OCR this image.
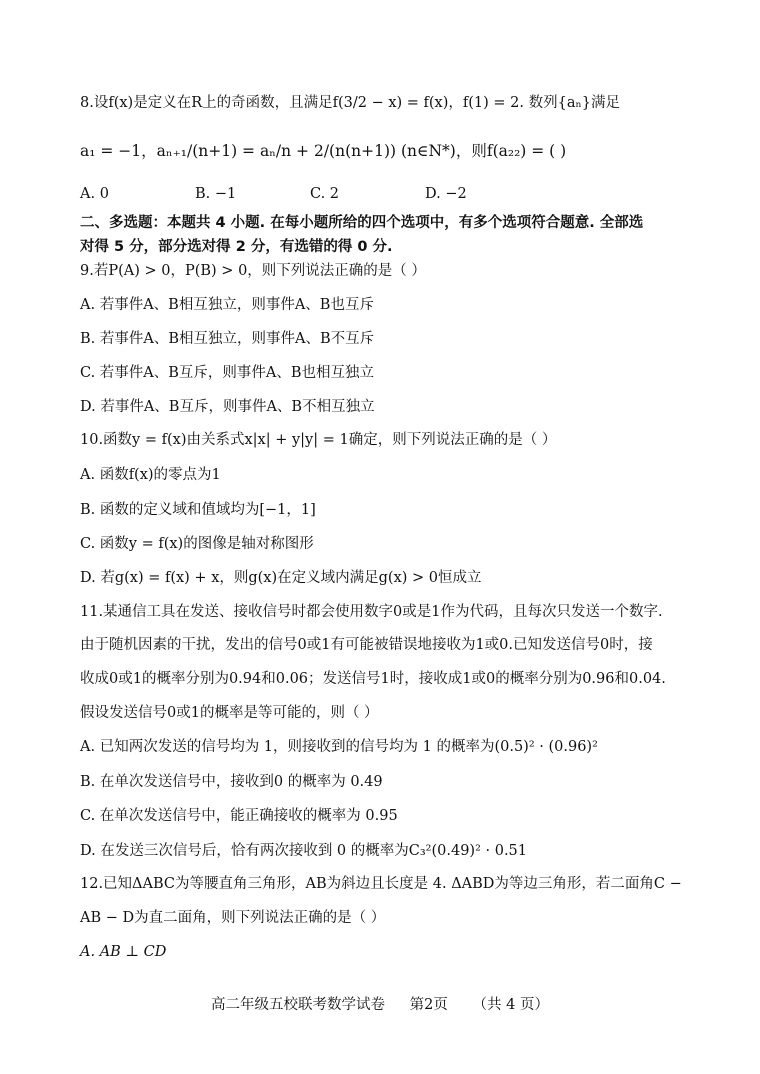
8.设f(x)是定义在R上的奇函数，且满足f(3/2 − x) = f(x)，f(1) = 2. 数列{aₙ}满足
a₁ = −1，aₙ₊₁/(n+1) = aₙ/n + 2/(n(n+1)) (n∈N*)，则f(a₂₂) = ( )
A. 0	B. −1	C. 2	D. −2
二、多选题：本题共 4 小题. 在每小题所给的四个选项中，有多个选项符合题意. 全部选
对得 5 分，部分选对得 2 分，有选错的得 0 分.
9.若P(A) > 0，P(B) > 0，则下列说法正确的是（ ）
A. 若事件A、B相互独立，则事件A、B也互斥
B. 若事件A、B相互独立，则事件A、B不互斥
C. 若事件A、B互斥，则事件A、B也相互独立
D. 若事件A、B互斥，则事件A、B不相互独立
10.函数y = f(x)由关系式x|x| + y|y| = 1确定，则下列说法正确的是（ ）
A. 函数f(x)的零点为1
B. 函数的定义域和值域均为[−1，1]
C. 函数y = f(x)的图像是轴对称图形
D. 若g(x) = f(x) + x，则g(x)在定义域内满足g(x) > 0恒成立
11.某通信工具在发送、接收信号时都会使用数字0或是1作为代码，且每次只发送一个数字.
由于随机因素的干扰，发出的信号0或1有可能被错误地接收为1或0.已知发送信号0时，接
收成0或1的概率分别为0.94和0.06；发送信号1时，接收成1或0的概率分别为0.96和0.04.
假设发送信号0或1的概率是等可能的，则（ ）
A. 已知两次发送的信号均为 1，则接收到的信号均为 1 的概率为(0.5)² · (0.96)²
B. 在单次发送信号中，接收到0 的概率为 0.49
C. 在单次发送信号中，能正确接收的概率为 0.95
D. 在发送三次信号后，恰有两次接收到 0 的概率为C₃²(0.49)² · 0.51
12.已知ΔABC为等腰直角三角形，AB为斜边且长度是 4. ΔABD为等边三角形，若二面角C −
AB − D为直二面角，则下列说法正确的是（ ）
A. AB ⊥ CD
高二年级五校联考数学试卷 第2页 （共 4 页）
